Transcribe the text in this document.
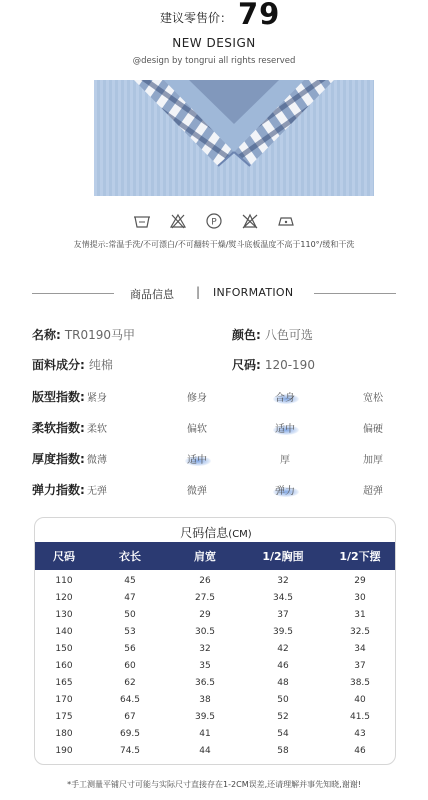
建议零售价： 79
NEW DESIGN
@design by tongrui all rights reserved
P
友情提示:常温手洗/不可漂白/不可翻转干燥/熨斗底板温度不高于110°/缓和干洗
商品信息 | INFORMATION
名称: TR0190马甲	颜色: 八色可选
面料成分: 纯棉	尺码: 120-190
版型指数: 紧身	修身	合身	宽松
柔软指数: 柔软	偏软	适中	偏硬
厚度指数: 微薄	适中	厚	加厚
弹力指数: 无弹	微弹	弹力	超弹
尺码信息(CM)
尺码	衣长	肩宽	1/2胸围	1/2下摆
110	45	26	32	29
120	47	27.5	34.5	30
130	50	29	37	31
140	53	30.5	39.5	32.5
150	56	32	42	34
160	60	35	46	37
165	62	36.5	48	38.5
170	64.5	38	50	40
175	67	39.5	52	41.5
180	69.5	41	54	43
190	74.5	44	58	46
*手工测量平铺尺寸可能与实际尺寸直接存在1-2CM误差,还请理解并事先知晓,谢谢!
